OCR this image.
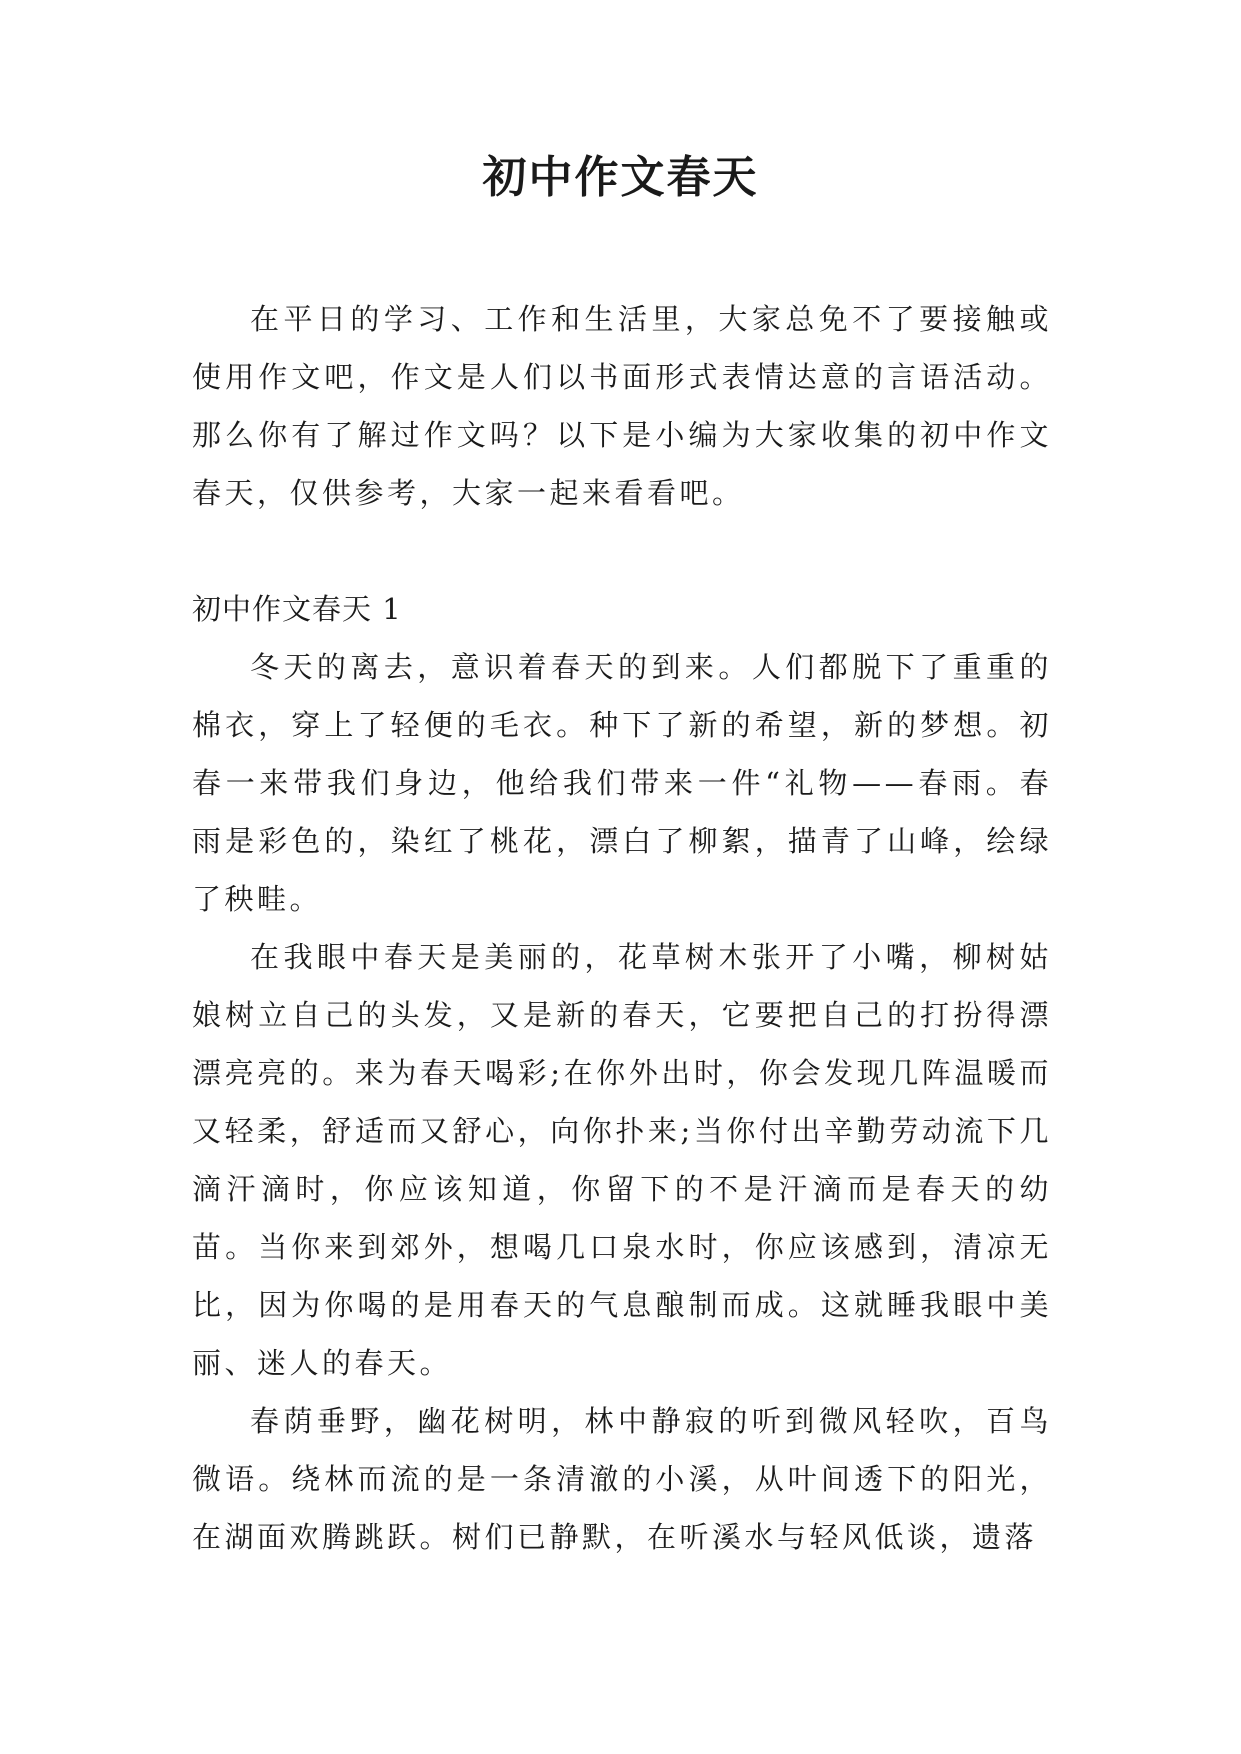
初中作文春天

在平日的学习、工作和生活里，大家总免不了要接触或使用作文吧，作文是人们以书面形式表情达意的言语活动。那么你有了解过作文吗？以下是小编为大家收集的初中作文春天，仅供参考，大家一起来看看吧。

初中作文春天 1

冬天的离去，意识着春天的到来。人们都脱下了重重的棉衣，穿上了轻便的毛衣。种下了新的希望，新的梦想。初春一来带我们身边，他给我们带来一件“礼物——春雨。春雨是彩色的，染红了桃花，漂白了柳絮，描青了山峰，绘绿了秧畦。

在我眼中春天是美丽的，花草树木张开了小嘴，柳树姑娘树立自己的头发，又是新的春天，它要把自己的打扮得漂漂亮亮的。来为春天喝彩;在你外出时，你会发现几阵温暖而又轻柔，舒适而又舒心，向你扑来;当你付出辛勤劳动流下几滴汗滴时，你应该知道，你留下的不是汗滴而是春天的幼苗。当你来到郊外，想喝几口泉水时，你应该感到，清凉无比，因为你喝的是用春天的气息酿制而成。这就睡我眼中美丽、迷人的春天。

春荫垂野，幽花树明，林中静寂的听到微风轻吹，百鸟微语。绕林而流的是一条清澈的小溪，从叶间透下的阳光，在湖面欢腾跳跃。树们已静默，在听溪水与轻风低谈，遗落
